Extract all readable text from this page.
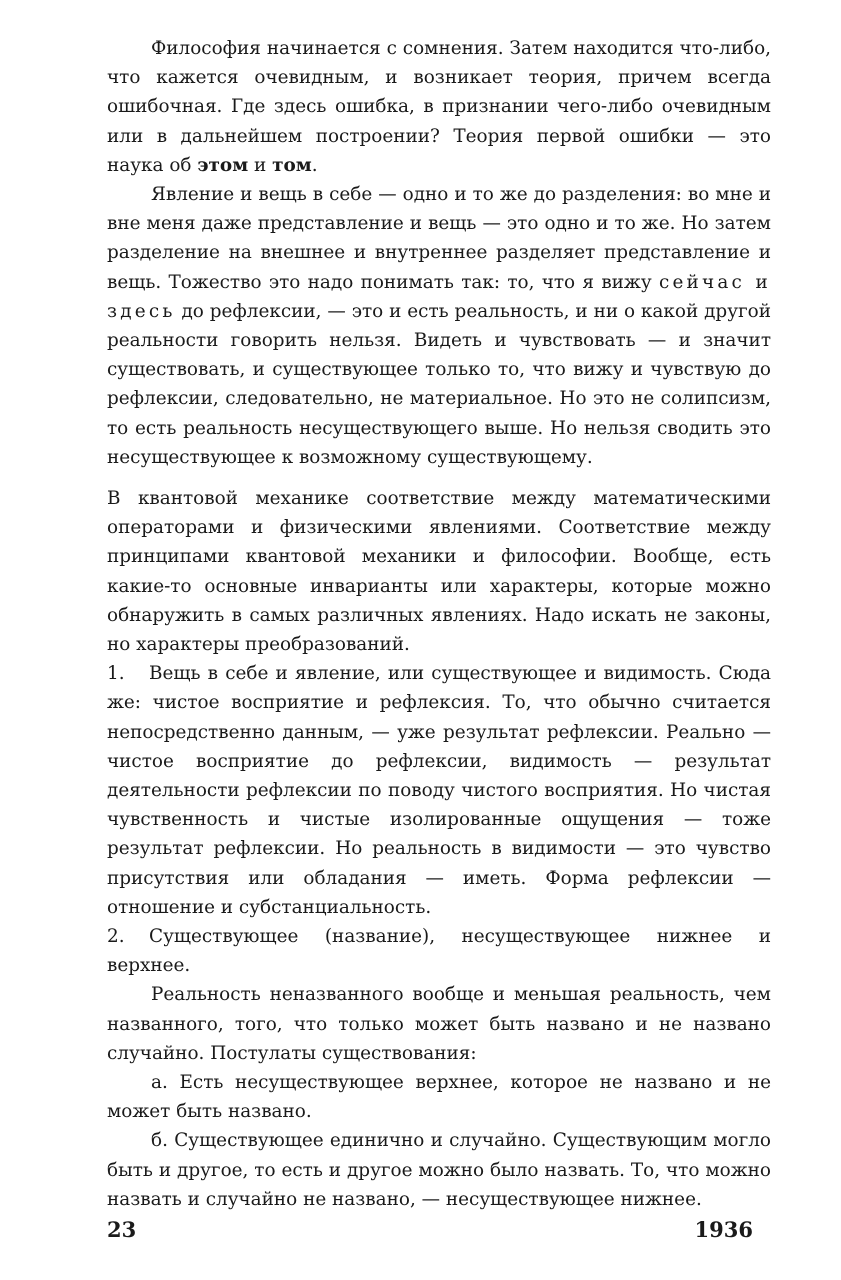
Философия начинается с сомнения. Затем находится что-либо, что кажется очевидным, и возникает теория, причем всегда ошибочная. Где здесь ошибка, в признании чего-либо очевидным или в дальнейшем построении? Теория первой ошибки — это наука об этом и том.

Явление и вещь в себе — одно и то же до разделения: во мне и вне меня даже представление и вещь — это одно и то же. Но затем разделение на внешнее и внутреннее разделяет представление и вещь. Тожество это надо понимать так: то, что я вижу сейчас и здесь до рефлексии, — это и есть реальность, и ни о какой другой реальности говорить нельзя. Видеть и чувствовать — и значит существовать, и существующее только то, что вижу и чувствую до рефлексии, следовательно, не материальное. Но это не солипсизм, то есть реальность несуществующего выше. Но нельзя сводить это несуществующее к возможному существующему.

В квантовой механике соответствие между математическими операторами и физическими явлениями. Соответствие между принципами квантовой механики и философии. Вообще, есть какие-то основные инварианты или характеры, которые можно обнаружить в самых различных явлениях. Надо искать не законы, но характеры преобразований.

1. Вещь в себе и явление, или существующее и видимость. Сюда же: чистое восприятие и рефлексия. То, что обычно считается непосредственно данным, — уже результат рефлексии. Реально — чистое восприятие до рефлексии, видимость — результат деятельности рефлексии по поводу чистого восприятия. Но чистая чувственность и чистые изолированные ощущения — тоже результат рефлексии. Но реальность в видимости — это чувство присутствия или обладания — иметь. Форма рефлексии — отношение и субстанциальность.

2. Существующее (название), несуществующее нижнее и верхнее.

Реальность неназванного вообще и меньшая реальность, чем названного, того, что только может быть названо и не названо случайно. Постулаты существования:

а. Есть несуществующее верхнее, которое не названо и не может быть названо.

б. Существующее единично и случайно. Существующим могло быть и другое, то есть и другое можно было назвать. То, что можно назвать и случайно не названо, — несуществующее нижнее.

23	1936
